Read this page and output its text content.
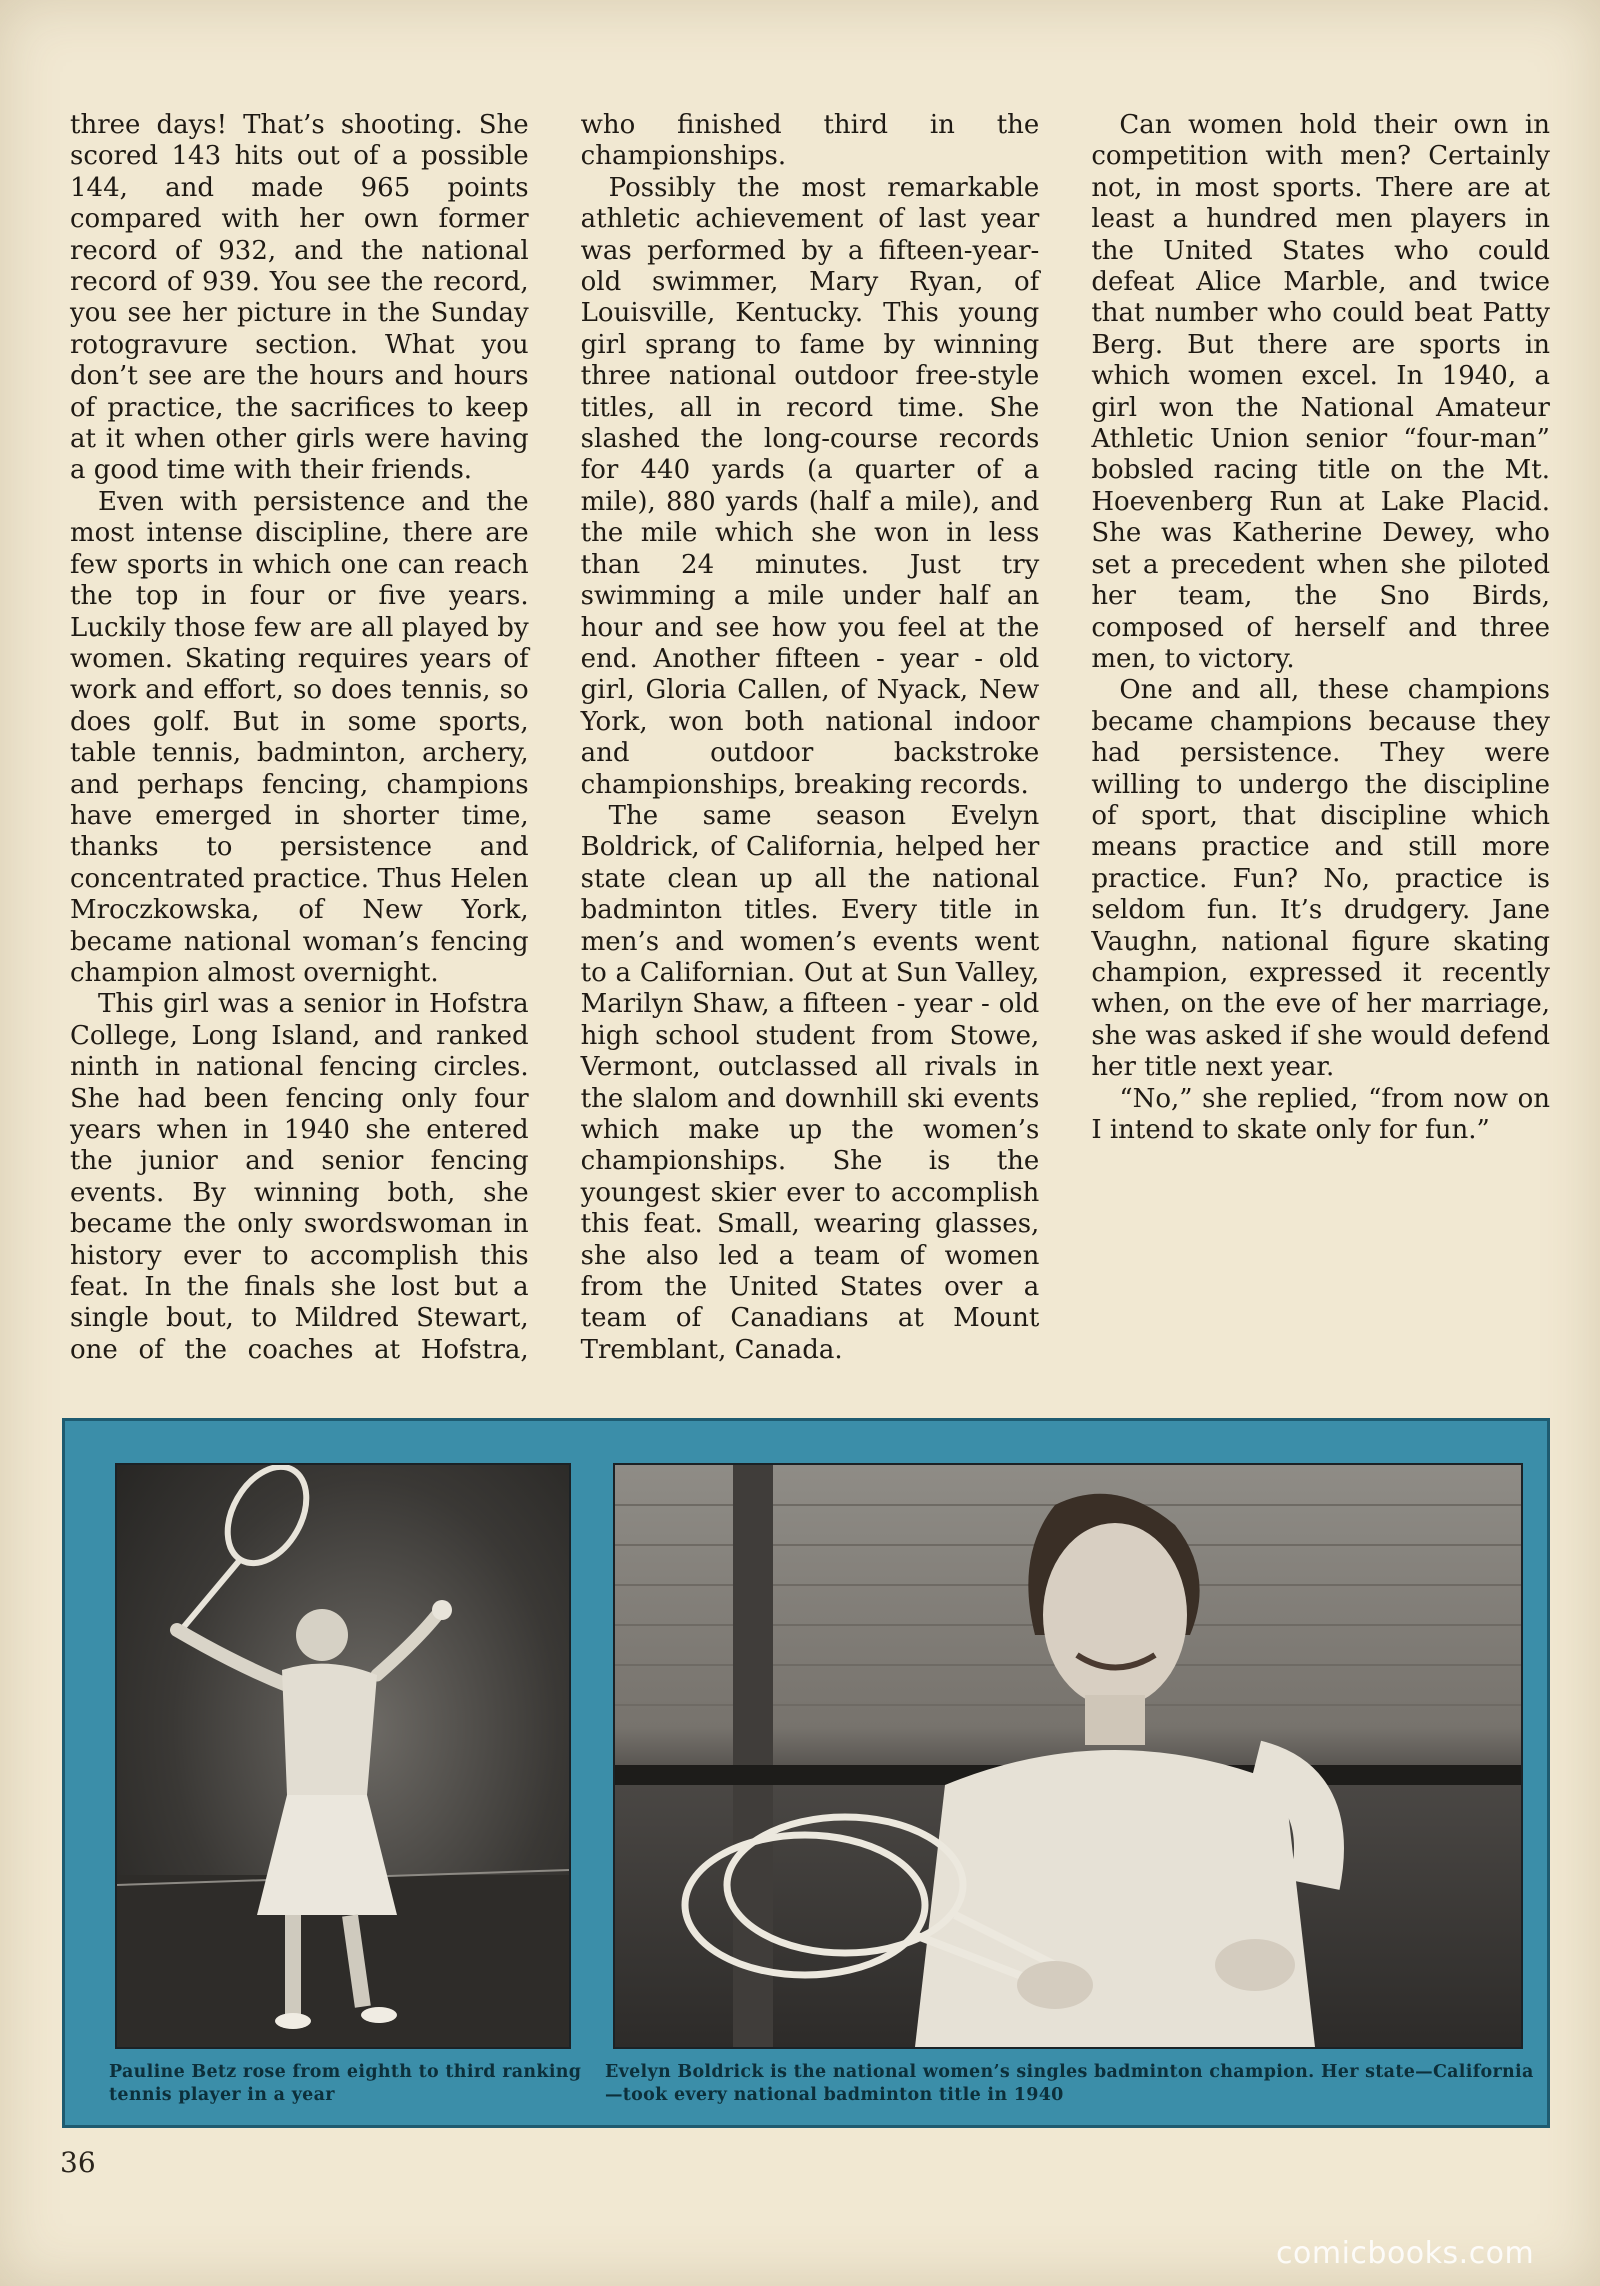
three days! That’s shooting. She scored 143 hits out of a possible 144, and made 965 points compared with her own former record of 932, and the national record of 939. You see the record, you see her picture in the Sunday rotogravure section. What you don’t see are the hours and hours of practice, the sacrifices to keep at it when other girls were having a good time with their friends.

Even with persistence and the most intense discipline, there are few sports in which one can reach the top in four or five years. Luckily those few are all played by women. Skating requires years of work and effort, so does tennis, so does golf. But in some sports, table tennis, badminton, archery, and perhaps fencing, champions have emerged in shorter time, thanks to persistence and concentrated practice. Thus Helen Mroczkowska, of New York, became national woman’s fencing champion almost overnight.

This girl was a senior in Hofstra College, Long Island, and ranked ninth in national fencing circles. She had been fencing only four years when in 1940 she entered the junior and senior fencing events. By winning both, she became the only swordswoman in history ever to accomplish this feat. In the finals she lost but a single bout, to Mildred Stewart, one of the coaches at Hofstra, who finished third in the championships.

Possibly the most remarkable athletic achievement of last year was performed by a fifteen-year-old swimmer, Mary Ryan, of Louisville, Kentucky. This young girl sprang to fame by winning three national outdoor free-style titles, all in record time. She slashed the long-course records for 440 yards (a quarter of a mile), 880 yards (half a mile), and the mile which she won in less than 24 minutes. Just try swimming a mile under half an hour and see how you feel at the end. Another fifteen - year - old girl, Gloria Callen, of Nyack, New York, won both national indoor and outdoor backstroke championships, breaking records.

The same season Evelyn Boldrick, of California, helped her state clean up all the national badminton titles. Every title in men’s and women’s events went to a Californian. Out at Sun Valley, Marilyn Shaw, a fifteen - year - old high school student from Stowe, Vermont, outclassed all rivals in the slalom and downhill ski events which make up the women’s championships. She is the youngest skier ever to accomplish this feat. Small, wearing glasses, she also led a team of women from the United States over a team of Canadians at Mount Tremblant, Canada.

Can women hold their own in competition with men? Certainly not, in most sports. There are at least a hundred men players in the United States who could defeat Alice Marble, and twice that number who could beat Patty Berg. But there are sports in which women excel. In 1940, a girl won the National Amateur Athletic Union senior “four-man” bobsled racing title on the Mt. Hoevenberg Run at Lake Placid. She was Katherine Dewey, who set a precedent when she piloted her team, the Sno Birds, composed of herself and three men, to victory.

One and all, these champions became champions because they had persistence. They were willing to undergo the discipline of sport, that discipline which means practice and still more practice. Fun? No, practice is seldom fun. It’s drudgery. Jane Vaughn, national figure skating champion, expressed it recently when, on the eve of her marriage, she was asked if she would defend her title next year.

“No,” she replied, “from now on I intend to skate only for fun.”

Pauline Betz rose from eighth to third ranking tennis player in a year
Evelyn Boldrick is the national women’s singles badminton champion. Her state—California—took every national badminton title in 1940
36
comicbooks.com
